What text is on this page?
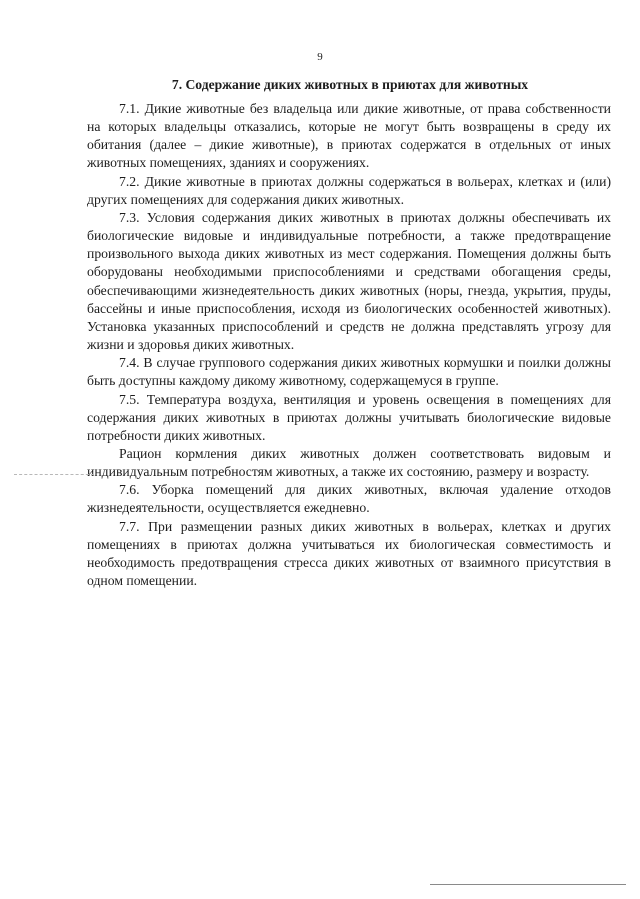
9
7. Содержание диких животных в приютах для животных

7.1. Дикие животные без владельца или дикие животные, от права собственности на которых владельцы отказались, которые не могут быть возвращены в среду их обитания (далее – дикие животные), в приютах содержатся в отдельных от иных животных помещениях, зданиях и сооружениях.

7.2. Дикие животные в приютах должны содержаться в вольерах, клетках и (или) других помещениях для содержания диких животных.

7.3. Условия содержания диких животных в приютах должны обеспечивать их биологические видовые и индивидуальные потребности, а также предотвращение произвольного выхода диких животных из мест содержания. Помещения должны быть оборудованы необходимыми приспособлениями и средствами обогащения среды, обеспечивающими жизнедеятельность диких животных (норы, гнезда, укрытия, пруды, бассейны и иные приспособления, исходя из биологических особенностей животных). Установка указанных приспособлений и средств не должна представлять угрозу для жизни и здоровья диких животных.

7.4. В случае группового содержания диких животных кормушки и поилки должны быть доступны каждому дикому животному, содержащемуся в группе.

7.5. Температура воздуха, вентиляция и уровень освещения в помещениях для содержания диких животных в приютах должны учитывать биологические видовые потребности диких животных.

Рацион кормления диких животных должен соответствовать видовым и индивидуальным потребностям животных, а также их состоянию, размеру и возрасту.

7.6. Уборка помещений для диких животных, включая удаление отходов жизнедеятельности, осуществляется ежедневно.

7.7. При размещении разных диких животных в вольерах, клетках и других помещениях в приютах должна учитываться их биологическая совместимость и необходимость предотвращения стресса диких животных от взаимного присутствия в одном помещении.
